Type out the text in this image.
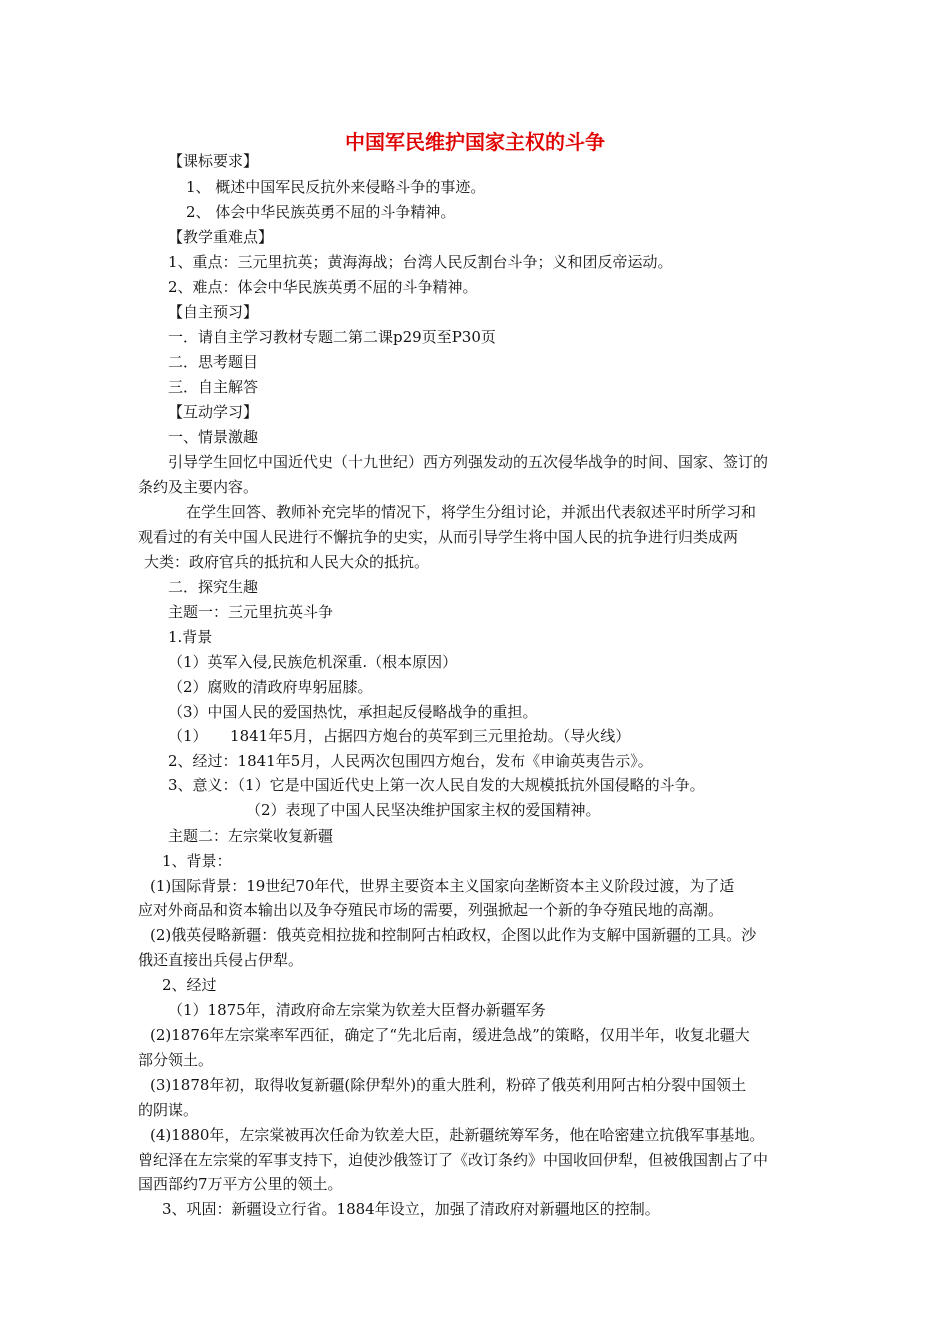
中国军民维护国家主权的斗争

【课标要求】

1、 概述中国军民反抗外来侵略斗争的事迹。

2、 体会中华民族英勇不屈的斗争精神。

【教学重难点】

1、重点：三元里抗英；黄海海战；台湾人民反割台斗争；义和团反帝运动。

2、难点：体会中华民族英勇不屈的斗争精神。

【自主预习】

一．请自主学习教材专题二第二课p29页至P30页

二．思考题目

三．自主解答

【互动学习】

一、情景激趣

引导学生回忆中国近代史（十九世纪）西方列强发动的五次侵华战争的时间、国家、签订的

条约及主要内容。

在学生回答、教师补充完毕的情况下，将学生分组讨论，并派出代表叙述平时所学习和

观看过的有关中国人民进行不懈抗争的史实，从而引导学生将中国人民的抗争进行归类成两

大类：政府官兵的抵抗和人民大众的抵抗。

二．探究生趣

主题一：三元里抗英斗争

1.背景

（1）英军入侵,民族危机深重.（根本原因）

（2）腐败的清政府卑躬屈膝。

（3）中国人民的爱国热忱，承担起反侵略战争的重担。

（1）　　1841年5月，占据四方炮台的英军到三元里抢劫。（导火线）

2、经过：1841年5月，人民两次包围四方炮台，发布《申谕英夷告示》。

3、意义：（1）它是中国近代史上第一次人民自发的大规模抵抗外国侵略的斗争。

（2）表现了中国人民坚决维护国家主权的爱国精神。

主题二：左宗棠收复新疆

1、背景：

(1)国际背景：19世纪70年代，世界主要资本主义国家向垄断资本主义阶段过渡，为了适

应对外商品和资本输出以及争夺殖民市场的需要，列强掀起一个新的争夺殖民地的高潮。

(2)俄英侵略新疆：俄英竞相拉拢和控制阿古柏政权，企图以此作为支解中国新疆的工具。沙

俄还直接出兵侵占伊犁。

2、经过

（1）1875年，清政府命左宗棠为钦差大臣督办新疆军务

(2)1876年左宗棠率军西征，确定了“先北后南，缓进急战”的策略，仅用半年，收复北疆大

部分领土。

(3)1878年初，取得收复新疆(除伊犁外)的重大胜利，粉碎了俄英利用阿古柏分裂中国领土

的阴谋。

(4)1880年，左宗棠被再次任命为钦差大臣，赴新疆统筹军务，他在哈密建立抗俄军事基地。

曾纪泽在左宗棠的军事支持下，迫使沙俄签订了《改订条约》中国收回伊犁，但被俄国割占了中

国西部约7万平方公里的领土。

3、巩固：新疆设立行省。1884年设立，加强了清政府对新疆地区的控制。
